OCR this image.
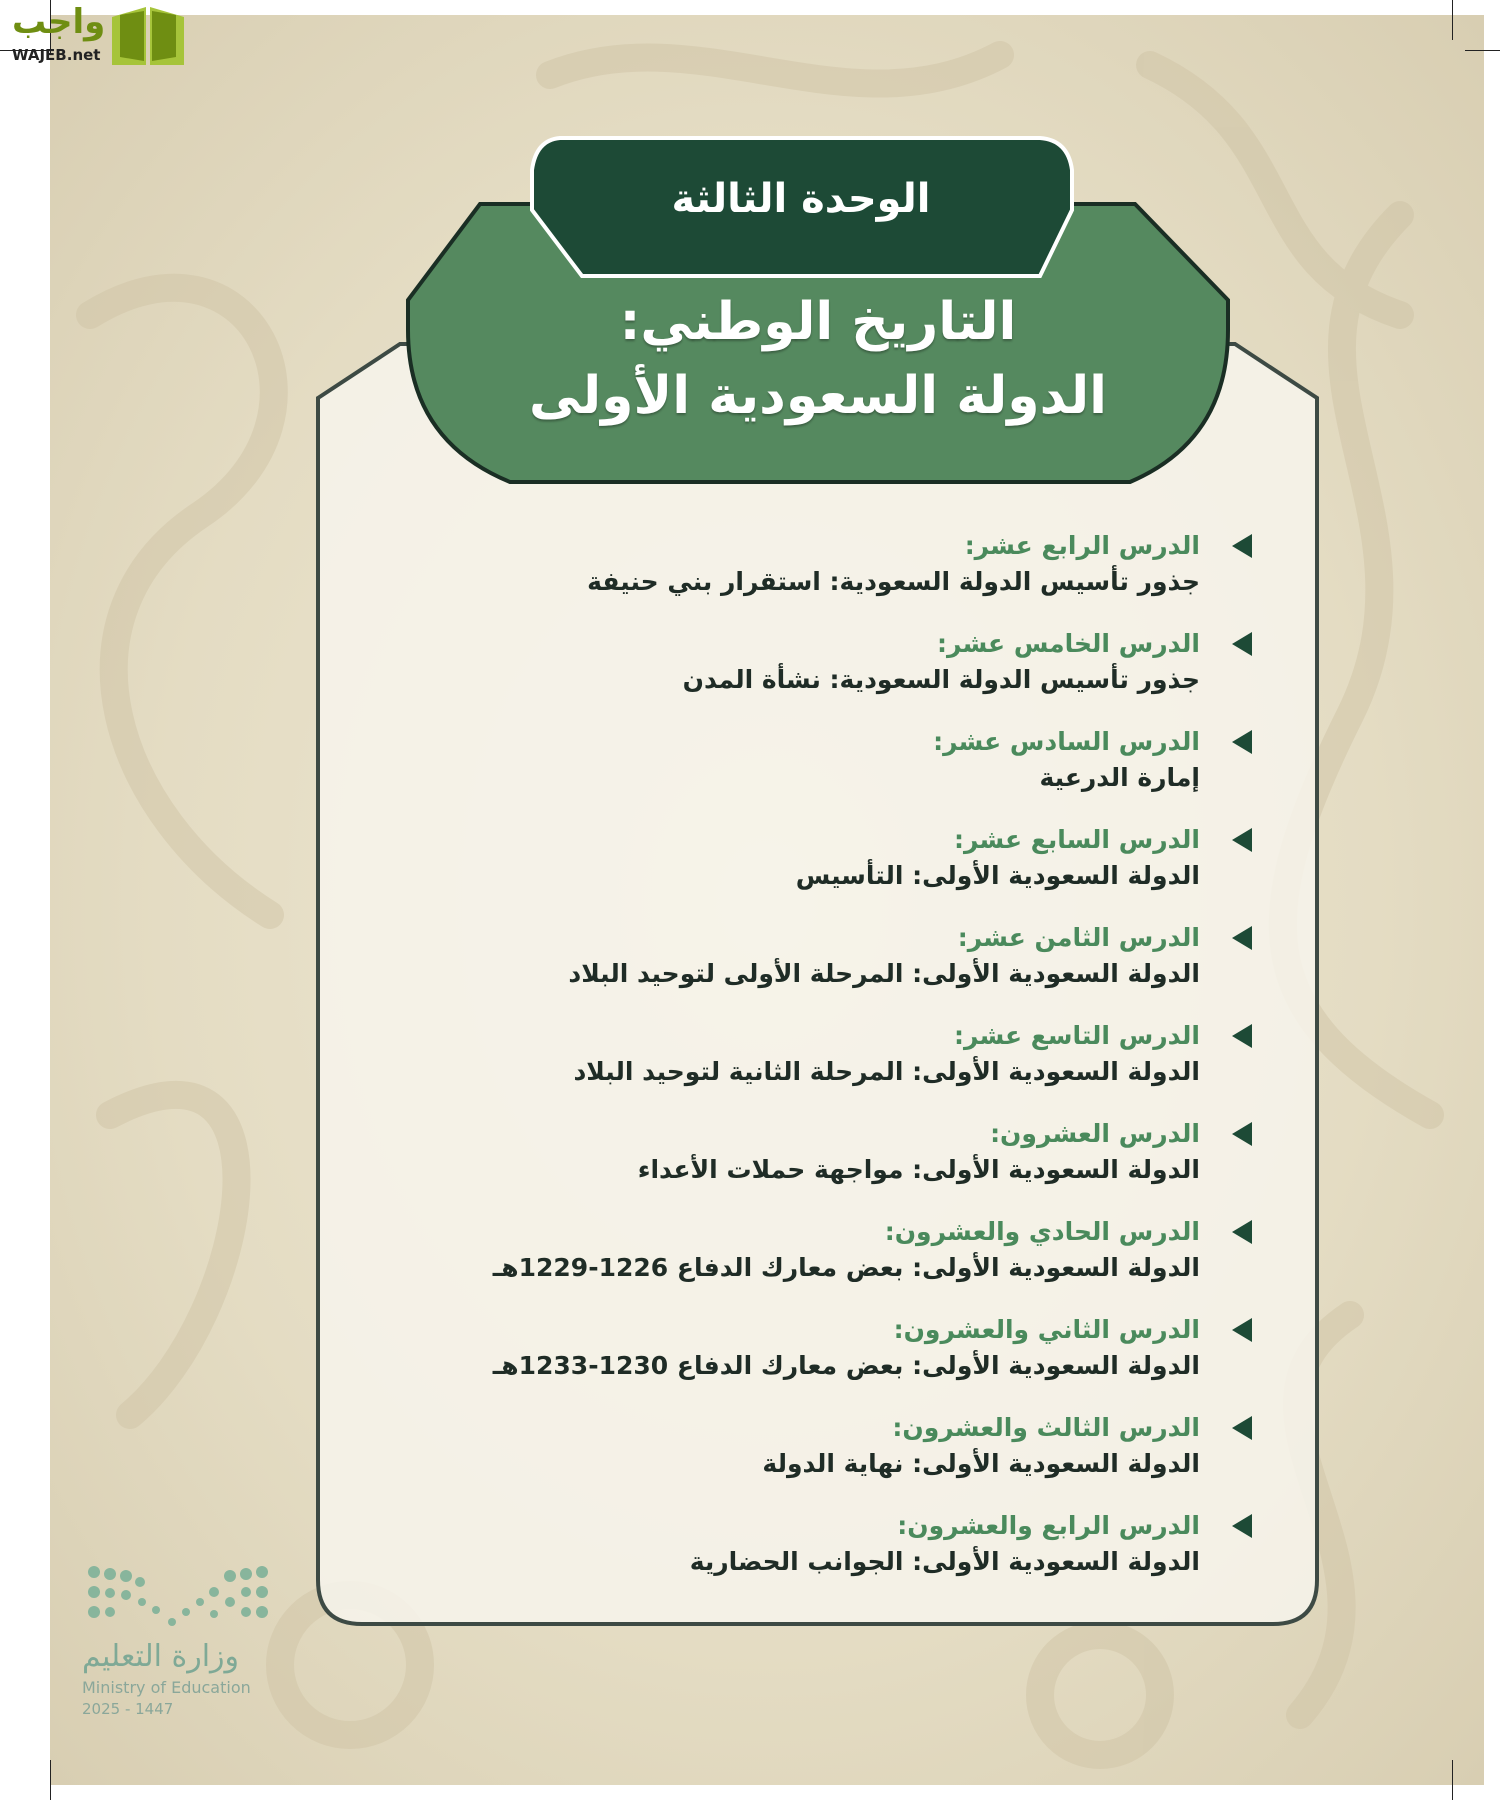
الوحدة الثالثة
التاريخ الوطني:
الدولة السعودية الأولى
الدرس الرابع عشر:
جذور تأسيس الدولة السعودية: استقرار بني حنيفة
الدرس الخامس عشر:
جذور تأسيس الدولة السعودية: نشأة المدن
الدرس السادس عشر:
إمارة الدرعية
الدرس السابع عشر:
الدولة السعودية الأولى: التأسيس
الدرس الثامن عشر:
الدولة السعودية الأولى: المرحلة الأولى لتوحيد البلاد
الدرس التاسع عشر:
الدولة السعودية الأولى: المرحلة الثانية لتوحيد البلاد
الدرس العشرون:
الدولة السعودية الأولى: مواجهة حملات الأعداء
الدرس الحادي والعشرون:
الدولة السعودية الأولى: بعض معارك الدفاع 1226-1229هـ
الدرس الثاني والعشرون:
الدولة السعودية الأولى: بعض معارك الدفاع 1230-1233هـ
الدرس الثالث والعشرون:
الدولة السعودية الأولى: نهاية الدولة
الدرس الرابع والعشرون:
الدولة السعودية الأولى: الجوانب الحضارية
واجب
WAJEB.net
وزارة التعليم
Ministry of Education
2025 - 1447
